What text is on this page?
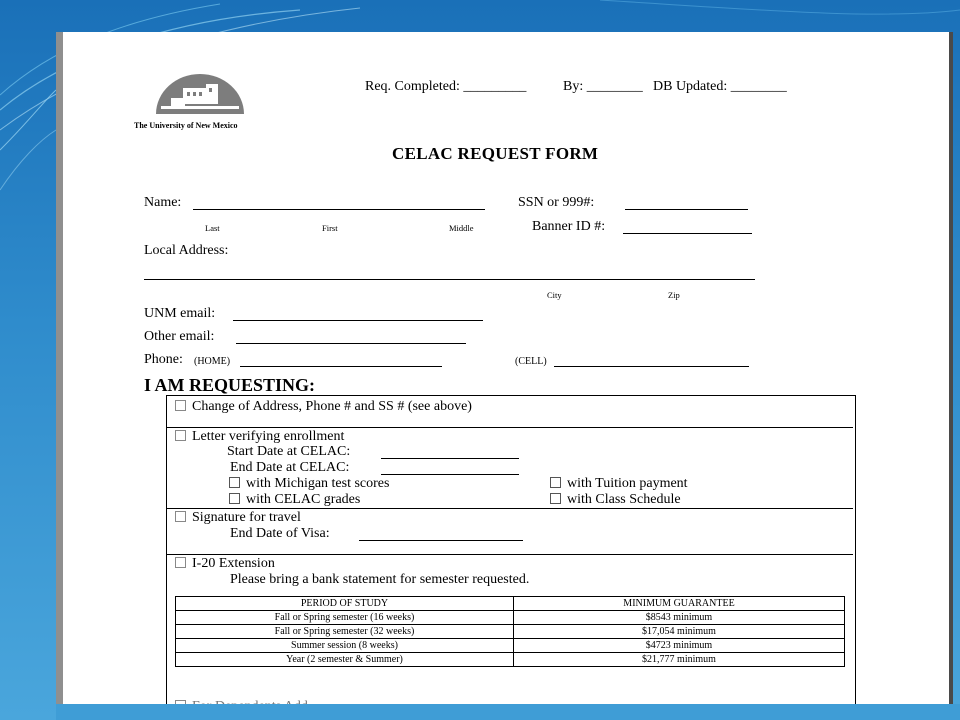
The University of New Mexico
Req. Completed: _________	By: ________ DB Updated: ________
CELAC REQUEST FORM
Name:	SSN or 999#:
Last	First	Middle	Banner ID #:
Local Address:
City	Zip
UNM email:
Other email:
Phone: (HOME)	(CELL)
I AM REQUESTING:
Change of Address, Phone # and SS # (see above)
Letter verifying enrollment
Start Date at CELAC:
End Date at CELAC:
with Michigan test scores
with CELAC grades
with Tuition payment
with Class Schedule
Signature for travel
End Date of Visa:
I-20 Extension
Please bring a bank statement for semester requested.
PERIOD OF STUDY	MINIMUM GUARANTEE
Fall or Spring semester (16 weeks)	$8543 minimum
Fall or Spring semester (32 weeks)	$17,054 minimum
Summer session (8 weeks)	$4723 minimum
Year (2 semester & Summer)	$21,777 minimum
